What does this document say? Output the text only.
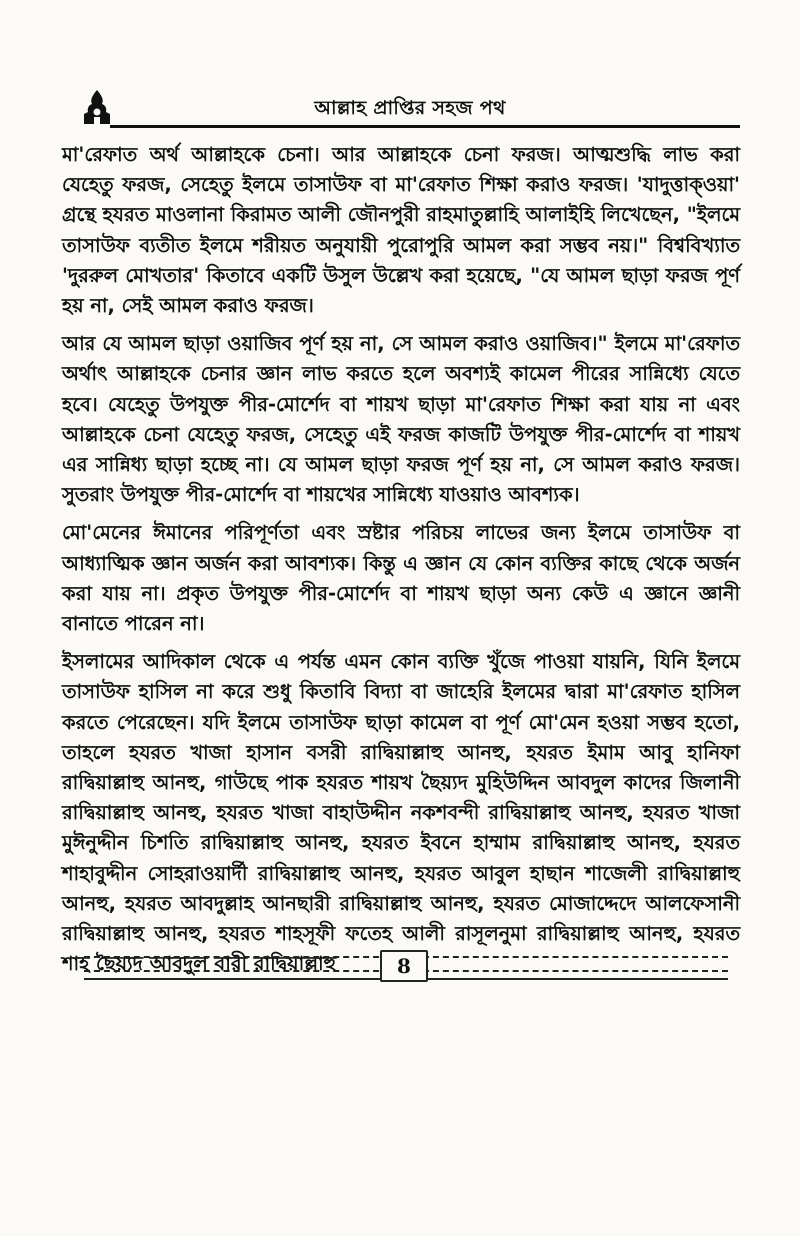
আল্লাহ প্রাপ্তির সহজ পথ

মা'রেফাত অর্থ আল্লাহকে চেনা। আর আল্লাহকে চেনা ফরজ। আত্মশুদ্ধি লাভ করা যেহেতু ফরজ, সেহেতু ইলমে তাসাউফ বা মা'রেফাত শিক্ষা করাও ফরজ। 'যাদুত্তাক্ওয়া' গ্রন্থে হযরত মাওলানা কিরামত আলী জৌনপুরী রাহমাতুল্লাহি আলাইহি লিখেছেন, "ইলমে তাসাউফ ব্যতীত ইলমে শরীয়ত অনুযায়ী পুরোপুরি আমল করা সম্ভব নয়।" বিশ্ববিখ্যাত 'দুররুল মোখতার' কিতাবে একটি উসুল উল্লেখ করা হয়েছে, "যে আমল ছাড়া ফরজ পূর্ণ হয় না, সেই আমল করাও ফরজ।

আর যে আমল ছাড়া ওয়াজিব পূর্ণ হয় না, সে আমল করাও ওয়াজিব।" ইলমে মা'রেফাত অর্থাৎ আল্লাহকে চেনার জ্ঞান লাভ করতে হলে অবশ্যই কামেল পীরের সান্নিধ্যে যেতে হবে। যেহেতু উপযুক্ত পীর-মোর্শেদ বা শায়খ ছাড়া মা'রেফাত শিক্ষা করা যায় না এবং আল্লাহকে চেনা যেহেতু ফরজ, সেহেতু এই ফরজ কাজটি উপযুক্ত পীর-মোর্শেদ বা শায়খ এর সান্নিধ্য ছাড়া হচ্ছে না। যে আমল ছাড়া ফরজ পূর্ণ হয় না, সে আমল করাও ফরজ। সুতরাং উপযুক্ত পীর-মোর্শেদ বা শায়খের সান্নিধ্যে যাওয়াও আবশ্যক।

মো'মেনের ঈমানের পরিপূর্ণতা এবং স্রষ্টার পরিচয় লাভের জন্য ইলমে তাসাউফ বা আধ্যাত্মিক জ্ঞান অর্জন করা আবশ্যক। কিন্তু এ জ্ঞান যে কোন ব্যক্তির কাছে থেকে অর্জন করা যায় না। প্রকৃত উপযুক্ত পীর-মোর্শেদ বা শায়খ ছাড়া অন্য কেউ এ জ্ঞানে জ্ঞানী বানাতে পারেন না।

ইসলামের আদিকাল থেকে এ পর্যন্ত এমন কোন ব্যক্তি খুঁজে পাওয়া যায়নি, যিনি ইলমে তাসাউফ হাসিল না করে শুধু কিতাবি বিদ্যা বা জাহেরি ইলমের দ্বারা মা'রেফাত হাসিল করতে পেরেছেন। যদি ইলমে তাসাউফ ছাড়া কামেল বা পূর্ণ মো'মেন হওয়া সম্ভব হতো, তাহলে হযরত খাজা হাসান বসরী রাদ্বিয়াল্লাহু আনহু, হযরত ইমাম আবু হানিফা রাদ্বিয়াল্লাহু আনহু, গাউছে পাক হযরত শায়খ ছৈয়্যদ মুহিউদ্দিন আবদুল কাদের জিলানী রাদ্বিয়াল্লাহু আনহু, হযরত খাজা বাহাউদ্দীন নকশবন্দী রাদ্বিয়াল্লাহু আনহু, হযরত খাজা মুঈনুদ্দীন চিশতি রাদ্বিয়াল্লাহু আনহু, হযরত ইবনে হাম্মাম রাদ্বিয়াল্লাহু আনহু, হযরত শাহাবুদ্দীন সোহরাওয়ার্দী রাদ্বিয়াল্লাহু আনহু, হযরত আবুল হাছান শাজেলী রাদ্বিয়াল্লাহু আনহু, হযরত আবদুল্লাহ আনছারী রাদ্বিয়াল্লাহু আনহু, হযরত মোজাদ্দেদে আলফেসানী রাদ্বিয়াল্লাহু আনহু, হযরত শাহসূফী ফতেহ আলী রাসূলনুমা রাদ্বিয়াল্লাহু আনহু, হযরত শাহ ছৈয়্যদ আবদুল বারী রাদ্বিয়াল্লাহু	8
